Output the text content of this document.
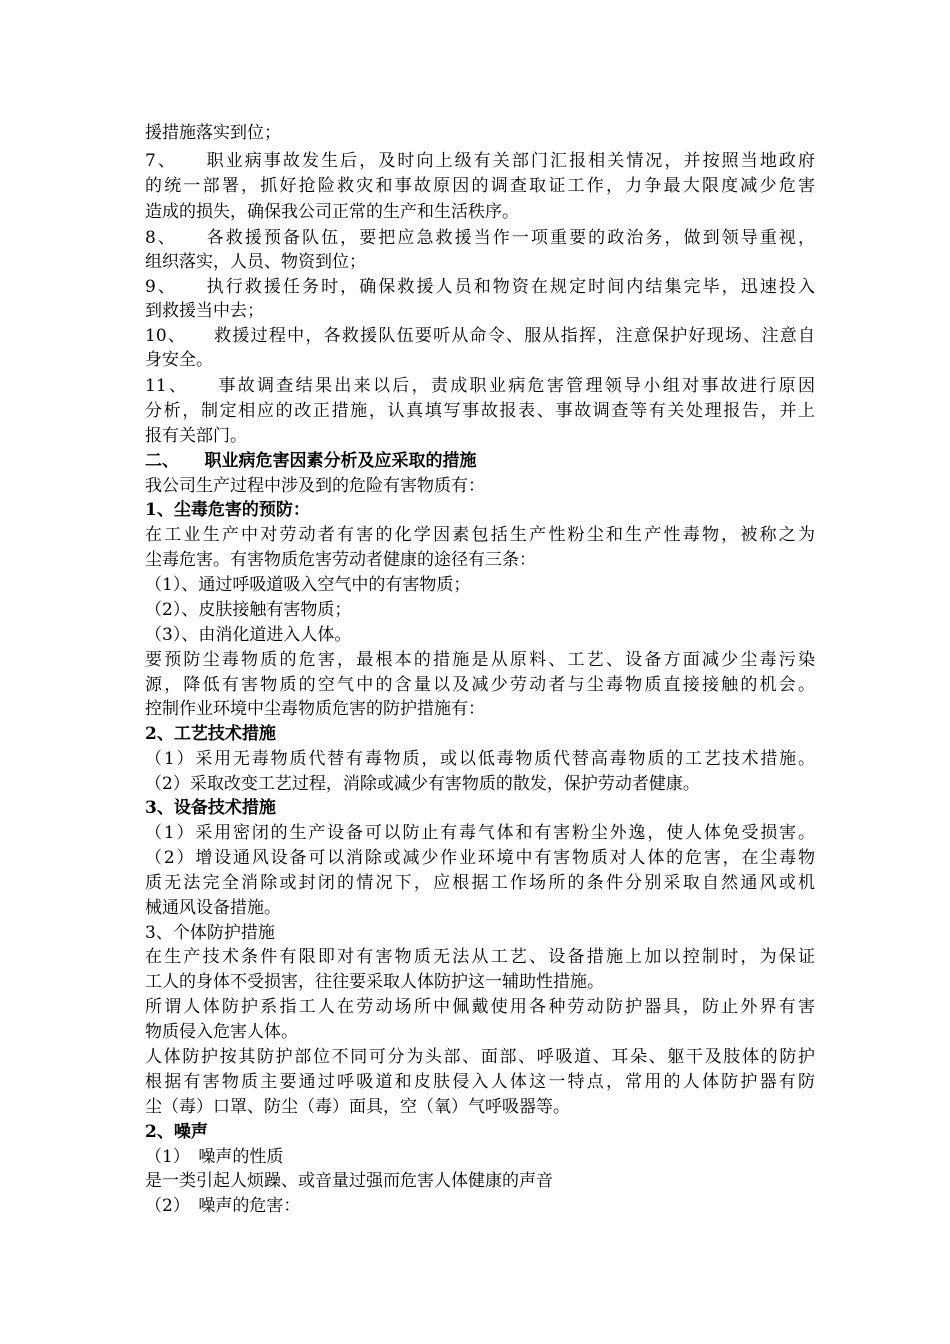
援措施落实到位；
7、　　职业病事故发生后，及时向上级有关部门汇报相关情况，并按照当地政府
的统一部署，抓好抢险救灾和事故原因的调查取证工作，力争最大限度减少危害
造成的损失，确保我公司正常的生产和生活秩序。
8、　　各救援预备队伍，要把应急救援当作一项重要的政治务，做到领导重视，
组织落实，人员、物资到位；
9、　　执行救援任务时，确保救援人员和物资在规定时间内结集完毕，迅速投入
到救援当中去；
10、　　救援过程中，各救援队伍要听从命令、服从指挥，注意保护好现场、注意自
身安全。
11、　　事故调查结果出来以后，责成职业病危害管理领导小组对事故进行原因
分析，制定相应的改正措施，认真填写事故报表、事故调查等有关处理报告，并上
报有关部门。
二、　　职业病危害因素分析及应采取的措施
我公司生产过程中涉及到的危险有害物质有：
1、尘毒危害的预防：
在工业生产中对劳动者有害的化学因素包括生产性粉尘和生产性毒物，被称之为
尘毒危害。有害物质危害劳动者健康的途径有三条：
（1）、通过呼吸道吸入空气中的有害物质；
（2）、皮肤接触有害物质；
（3）、由消化道进入人体。
要预防尘毒物质的危害，最根本的措施是从原料、工艺、设备方面减少尘毒污染
源，降低有害物质的空气中的含量以及减少劳动者与尘毒物质直接接触的机会。
控制作业环境中尘毒物质危害的防护措施有：
2、工艺技术措施
（1）采用无毒物质代替有毒物质，或以低毒物质代替高毒物质的工艺技术措施。
（2）采取改变工艺过程，消除或减少有害物质的散发，保护劳动者健康。
3、设备技术措施
（1）采用密闭的生产设备可以防止有毒气体和有害粉尘外逸，使人体免受损害。
（2）增设通风设备可以消除或减少作业环境中有害物质对人体的危害，在尘毒物
质无法完全消除或封闭的情况下，应根据工作场所的条件分别采取自然通风或机
械通风设备措施。
3、个体防护措施
在生产技术条件有限即对有害物质无法从工艺、设备措施上加以控制时，为保证
工人的身体不受损害，往往要采取人体防护这一辅助性措施。
所谓人体防护系指工人在劳动场所中佩戴使用各种劳动防护器具，防止外界有害
物质侵入危害人体。
人体防护按其防护部位不同可分为头部、面部、呼吸道、耳朵、躯干及肢体的防护
根据有害物质主要通过呼吸道和皮肤侵入人体这一特点，常用的人体防护器有防
尘（毒）口罩、防尘（毒）面具，空（氧）气呼吸器等。
2、噪声
（1）　噪声的性质
是一类引起人烦躁、或音量过强而危害人体健康的声音
（2）　噪声的危害：
